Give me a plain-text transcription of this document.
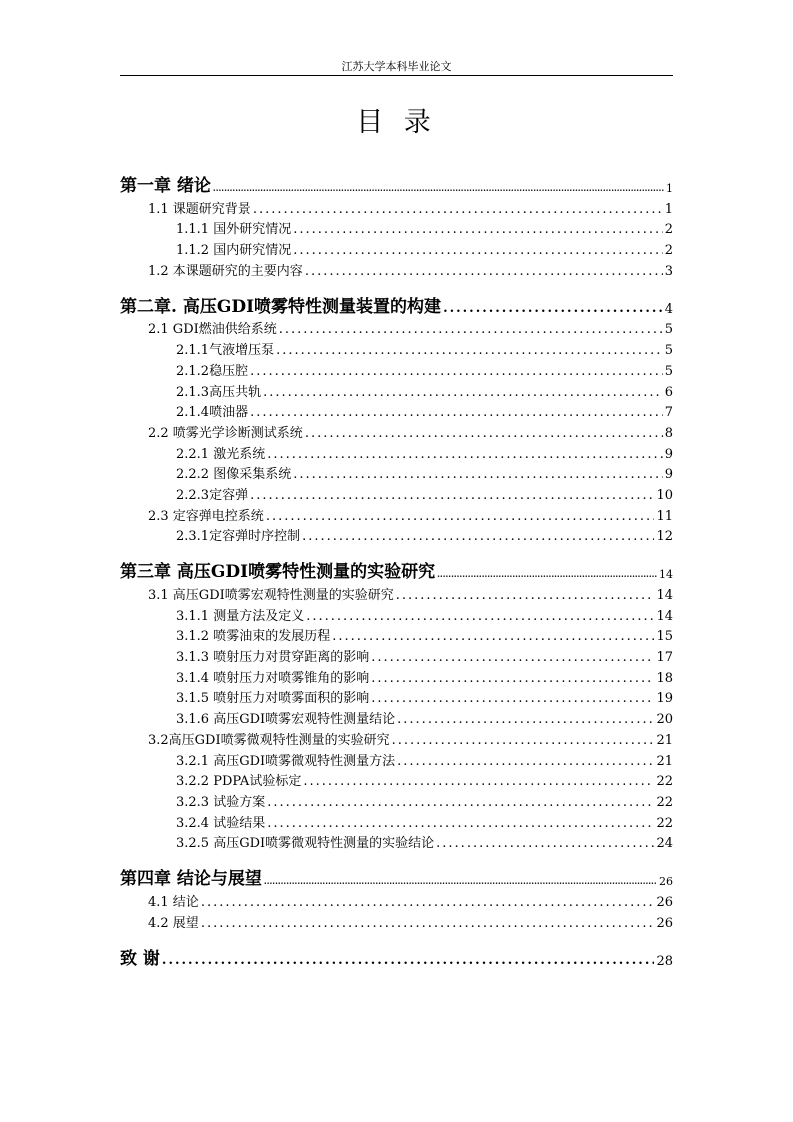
江苏大学本科毕业论文
目 录
第一章 绪论 .....	1
1.1 课题研究背景 .....	1
1.1.1 国外研究情况 .....	2
1.1.2 国内研究情况 .....	2
1.2 本课题研究的主要内容 .....	3
第二章. 高压GDI喷雾特性测量装置的构建 .....	4
2.1 GDI燃油供给系统 .....	5
2.1.1气液增压泵 .....	5
2.1.2稳压腔 .....	5
2.1.3高压共轨 .....	6
2.1.4喷油器 .....	7
2.2 喷雾光学诊断测试系统 .....	8
2.2.1 激光系统 .....	9
2.2.2 图像采集系统 .....	9
2.2.3定容弹 .....	10
2.3 定容弹电控系统 .....	11
2.3.1定容弹时序控制 .....	12
第三章 高压GDI喷雾特性测量的实验研究 .....	14
3.1 高压GDI喷雾宏观特性测量的实验研究 .....	14
3.1.1 测量方法及定义 .....	14
3.1.2 喷雾油束的发展历程 .....	15
3.1.3 喷射压力对贯穿距离的影响 .....	17
3.1.4 喷射压力对喷雾锥角的影响 .....	18
3.1.5 喷射压力对喷雾面积的影响 .....	19
3.1.6 高压GDI喷雾宏观特性测量结论 .....	20
3.2高压GDI喷雾微观特性测量的实验研究 .....	21
3.2.1 高压GDI喷雾微观特性测量方法 .....	21
3.2.2 PDPA试验标定 .....	22
3.2.3 试验方案 .....	22
3.2.4 试验结果 .....	22
3.2.5 高压GDI喷雾微观特性测量的实验结论 .....	24
第四章 结论与展望 .....	26
4.1 结论 .....	26
4.2 展望 .....	26
致 谢 .....	28
